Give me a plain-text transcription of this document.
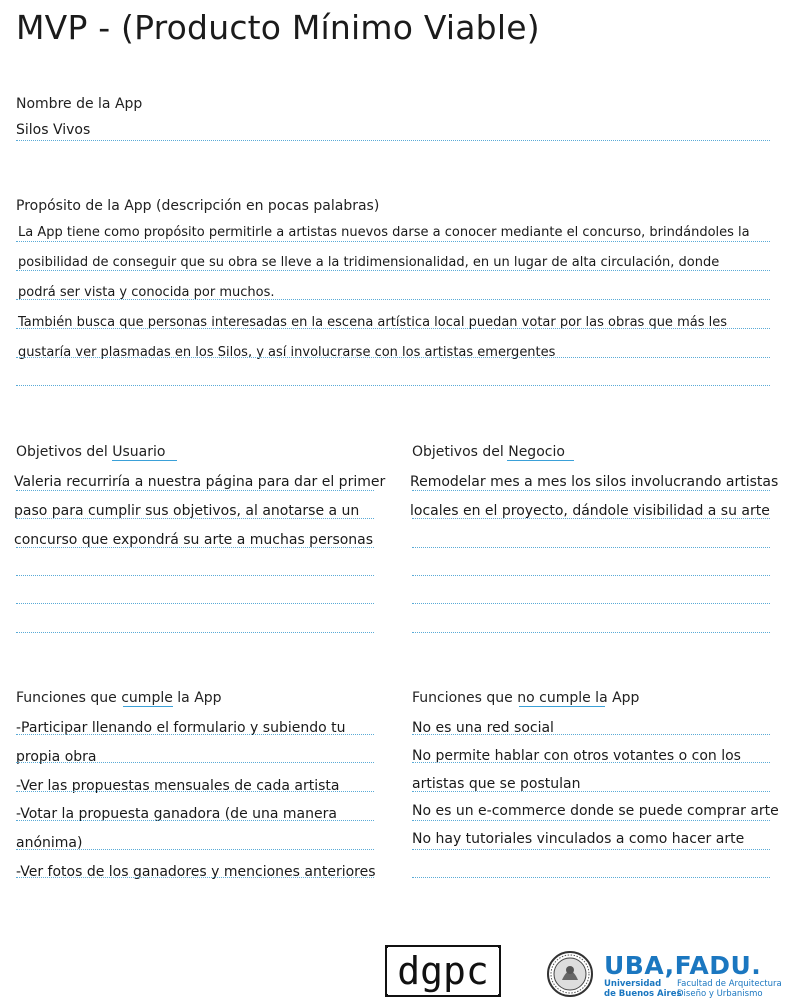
MVP - (Producto Mínimo Viable)
Nombre de la App
Silos Vivos
Propósito de la App (descripción en pocas palabras)
La App tiene como propósito permitirle a artistas nuevos darse a conocer mediante el concurso, brindándoles la
posibilidad de conseguir que su obra se lleve a la tridimensionalidad, en un lugar de alta circulación, donde
podrá ser vista y conocida por muchos.
También busca que personas interesadas en la escena artística local puedan votar por las obras que más les
gustaría ver plasmadas en los Silos, y así involucrarse con los artistas emergentes
Objetivos del Usuario
Valeria recurriría a nuestra página para dar el primer
paso para cumplir sus objetivos, al anotarse a un
concurso que expondrá su arte a muchas personas
Objetivos del Negocio
Remodelar mes a mes los silos involucrando artistas
locales en el proyecto, dándole visibilidad a su arte
Funciones que cumple la App
-Participar llenando el formulario y subiendo tu
propia obra
-Ver las propuestas mensuales de cada artista
-Votar la propuesta ganadora (de una manera
anónima)
-Ver fotos de los ganadores y menciones anteriores
Funciones que no cumple la App
No es una red social
No permite hablar con otros votantes o con los
artistas que se postulan
No es un e-commerce donde se puede comprar arte
No hay tutoriales vinculados a como hacer arte
dgpc	UBA,FADU.
Universidad
de Buenos Aires
Facultad de Arquitectura
Diseño y Urbanismo
